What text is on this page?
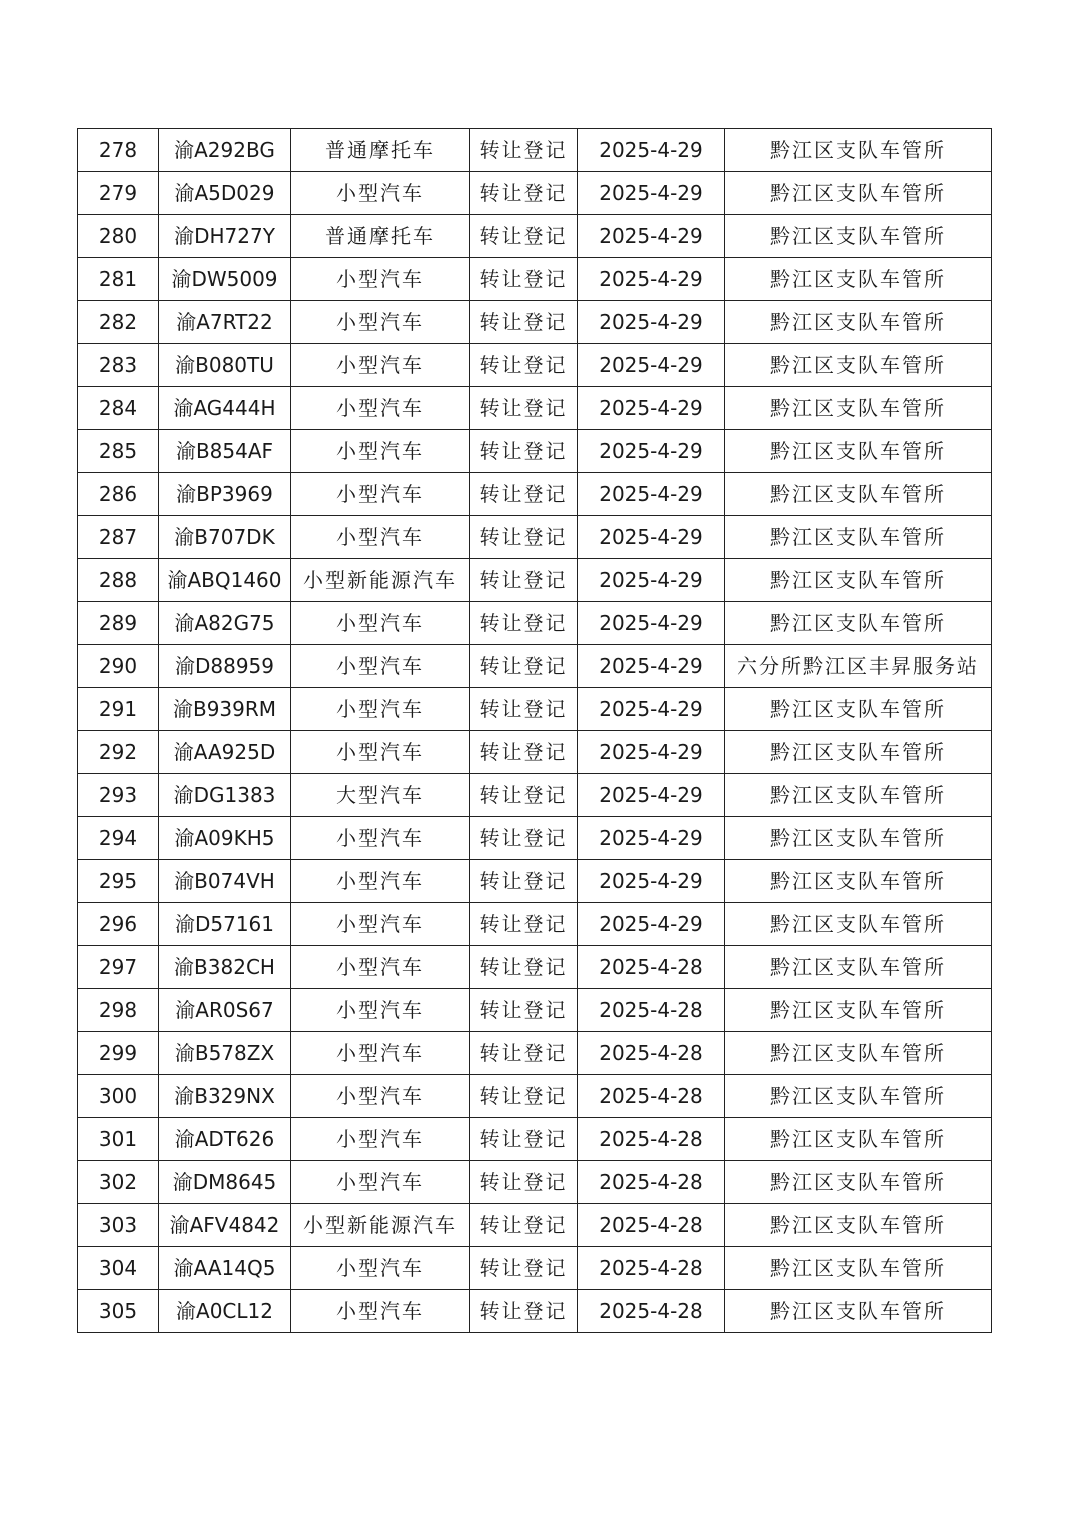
278	渝A292BG	普通摩托车	转让登记	2025-4-29	黔江区支队车管所
279	渝A5D029	小型汽车	转让登记	2025-4-29	黔江区支队车管所
280	渝DH727Y	普通摩托车	转让登记	2025-4-29	黔江区支队车管所
281	渝DW5009	小型汽车	转让登记	2025-4-29	黔江区支队车管所
282	渝A7RT22	小型汽车	转让登记	2025-4-29	黔江区支队车管所
283	渝B080TU	小型汽车	转让登记	2025-4-29	黔江区支队车管所
284	渝AG444H	小型汽车	转让登记	2025-4-29	黔江区支队车管所
285	渝B854AF	小型汽车	转让登记	2025-4-29	黔江区支队车管所
286	渝BP3969	小型汽车	转让登记	2025-4-29	黔江区支队车管所
287	渝B707DK	小型汽车	转让登记	2025-4-29	黔江区支队车管所
288	渝ABQ1460	小型新能源汽车	转让登记	2025-4-29	黔江区支队车管所
289	渝A82G75	小型汽车	转让登记	2025-4-29	黔江区支队车管所
290	渝D88959	小型汽车	转让登记	2025-4-29	六分所黔江区丰昇服务站
291	渝B939RM	小型汽车	转让登记	2025-4-29	黔江区支队车管所
292	渝AA925D	小型汽车	转让登记	2025-4-29	黔江区支队车管所
293	渝DG1383	大型汽车	转让登记	2025-4-29	黔江区支队车管所
294	渝A09KH5	小型汽车	转让登记	2025-4-29	黔江区支队车管所
295	渝B074VH	小型汽车	转让登记	2025-4-29	黔江区支队车管所
296	渝D57161	小型汽车	转让登记	2025-4-29	黔江区支队车管所
297	渝B382CH	小型汽车	转让登记	2025-4-28	黔江区支队车管所
298	渝AR0S67	小型汽车	转让登记	2025-4-28	黔江区支队车管所
299	渝B578ZX	小型汽车	转让登记	2025-4-28	黔江区支队车管所
300	渝B329NX	小型汽车	转让登记	2025-4-28	黔江区支队车管所
301	渝ADT626	小型汽车	转让登记	2025-4-28	黔江区支队车管所
302	渝DM8645	小型汽车	转让登记	2025-4-28	黔江区支队车管所
303	渝AFV4842	小型新能源汽车	转让登记	2025-4-28	黔江区支队车管所
304	渝AA14Q5	小型汽车	转让登记	2025-4-28	黔江区支队车管所
305	渝A0CL12	小型汽车	转让登记	2025-4-28	黔江区支队车管所
